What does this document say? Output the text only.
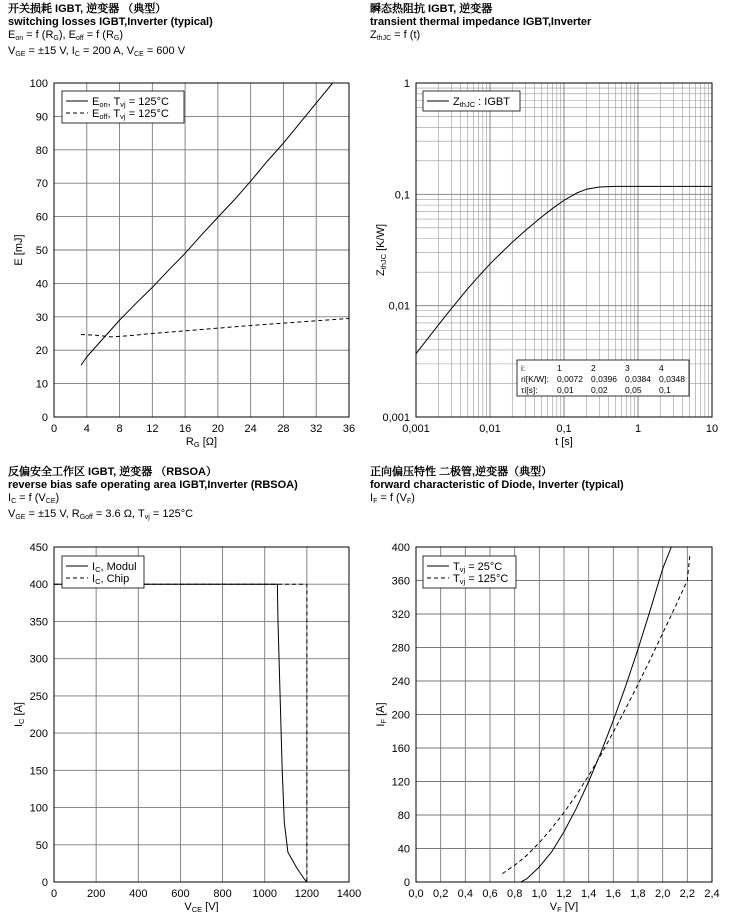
开关损耗 IGBT, 逆变器 （典型）
switching losses IGBT,Inverter (typical)
$E_{on} = f$ $(R_G)$, $E_{off} = f$ $(R_G)$
$V_{GE} = \pm 15$ V, $I_C = 200$ A, $V_{CE} = 600$ V
0 4 8 12 16 20 24 28 32 36
0
10
20
30
40
50
60
70
80
90
100
RG [Ω]
E [mJ]
Eon, Tvj = 125°C
Eoff, Tvj = 125°C
瞬态热阻抗 IGBT, 逆变器
transient thermal impedance IGBT,Inverter
$Z_{thJC} = f$ (t)
0,001	0,01	0,1	1	10
0,001
0,01
0,1
1
t [s]
ZthJC [K/W]
ZthJC : IGBT
i:	1	2	3	4
ri[K/W]: 0,0072 0,0396 0,0384 0,0348
τi[s]: 0,01 0,02 0,05 0,1
反偏安全工作区 IGBT, 逆变器 （RBSOA）
reverse bias safe operating area IGBT,Inverter (RBSOA)
$I_C = f$ $(V_{CE})$
$V_{GE} = \pm 15$ V, $R_{Goff} = 3.6$ Ω, $T_{vj} = 125^\circ C$
0	200 400 600 800 1000 1200 1400
0
50
100
150
200
250
300
350
400
450
VCE [V]
IC [A]
IC, Modul
IC, Chip
正向偏压特性 二极管,逆变器（典型）
forward characteristic of Diode, Inverter (typical)
$I_F = f$ $(V_F)$
0,0 0,2 0,4 0,6 0,8 1,0 1,2 1,4 1,6 1,8 2,0 2,2 2,4
0
40
80
120
160
200
240
280
320
360
400
VF [V]
IF [A]
Tvj = 25°C
Tvj = 125°C
